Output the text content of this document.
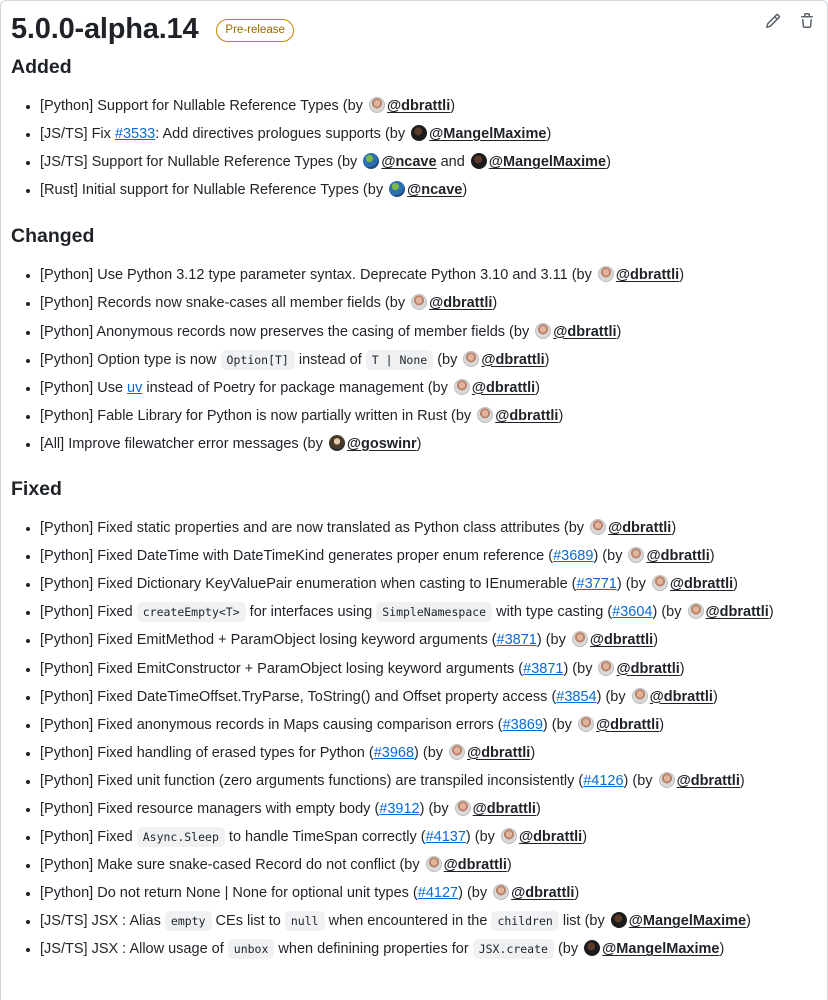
5.0.0-alpha.14	Pre-release
Added
• [Python] Support for Nullable Reference Types (by @dbrattli)
• [JS/TS] Fix #3533: Add directives prologues supports (by @MangelMaxime)
• [JS/TS] Support for Nullable Reference Types (by @ncave and @MangelMaxime)
• [Rust] Initial support for Nullable Reference Types (by @ncave)
Changed
• [Python] Use Python 3.12 type parameter syntax. Deprecate Python 3.10 and 3.11 (by @dbrattli)
• [Python] Records now snake-cases all member fields (by @dbrattli)
• [Python] Anonymous records now preserves the casing of member fields (by @dbrattli)
• [Python] Option type is now Option[T] instead of T | None (by @dbrattli)
• [Python] Use uv instead of Poetry for package management (by @dbrattli)
• [Python] Fable Library for Python is now partially written in Rust (by @dbrattli)
• [All] Improve filewatcher error messages (by @goswinr)
Fixed
• [Python] Fixed static properties and are now translated as Python class attributes (by @dbrattli)
• [Python] Fixed DateTime with DateTimeKind generates proper enum reference (#3689) (by @dbrattli)
• [Python] Fixed Dictionary KeyValuePair enumeration when casting to IEnumerable (#3771) (by @dbrattli)
• [Python] Fixed createEmpty<T> for interfaces using SimpleNamespace with type casting (#3604) (by @dbrattli)
• [Python] Fixed EmitMethod + ParamObject losing keyword arguments (#3871) (by @dbrattli)
• [Python] Fixed EmitConstructor + ParamObject losing keyword arguments (#3871) (by @dbrattli)
• [Python] Fixed DateTimeOffset.TryParse, ToString() and Offset property access (#3854) (by @dbrattli)
• [Python] Fixed anonymous records in Maps causing comparison errors (#3869) (by @dbrattli)
• [Python] Fixed handling of erased types for Python (#3968) (by @dbrattli)
• [Python] Fixed unit function (zero arguments functions) are transpiled inconsistently (#4126) (by @dbrattli)
• [Python] Fixed resource managers with empty body (#3912) (by @dbrattli)
• [Python] Fixed Async.Sleep to handle TimeSpan correctly (#4137) (by @dbrattli)
• [Python] Make sure snake-cased Record do not conflict (by @dbrattli)
• [Python] Do not return None | None for optional unit types (#4127) (by @dbrattli)
• [JS/TS] JSX : Alias empty CEs list to null when encountered in the children list (by @MangelMaxime)
• [JS/TS] JSX : Allow usage of unbox when definining properties for JSX.create (by @MangelMaxime)
